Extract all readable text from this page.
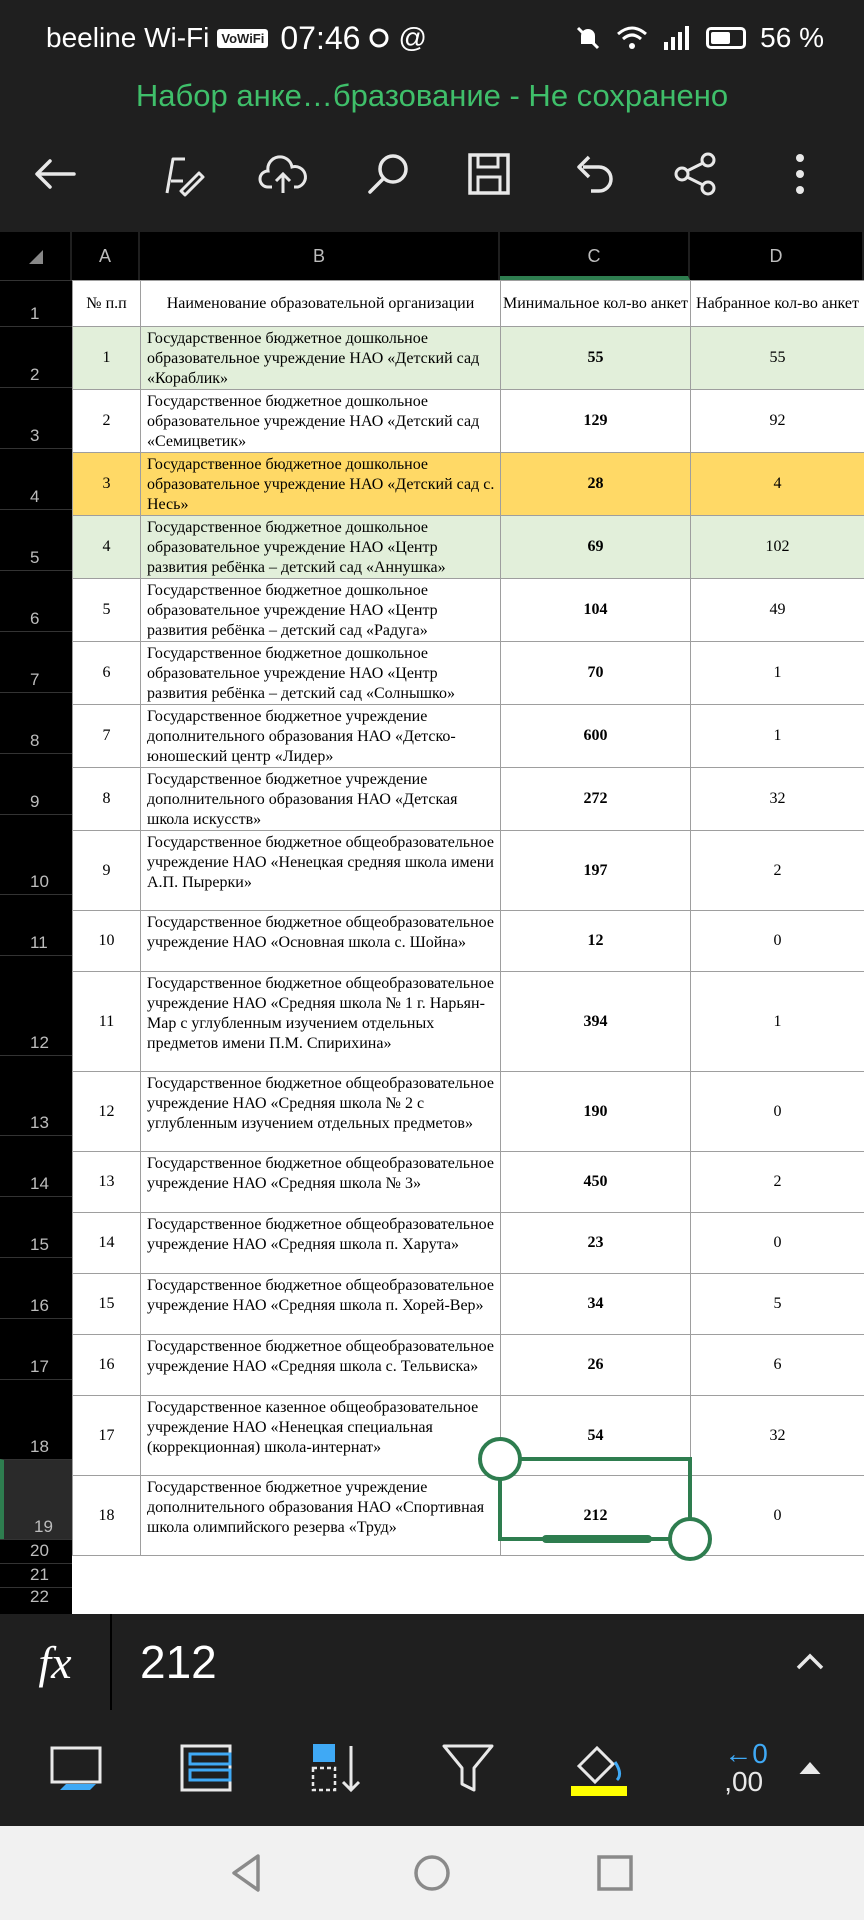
beeline Wi-Fi VoWiFi 07:46 @	56 %
Набор анке…бразование - Не сохранено
A	B	C	D
1
2
3
4
5
6
7
8
9
10
11
12
13
14
15
16
17
18
19
20
21
22
№ п.п	Наименование образовательной организации	Минимальное кол-во анкет	Набранное кол-во анкет
1	Государственное бюджетное дошкольное образовательное учреждение НАО «Детский сад «Кораблик»	55	55
2	Государственное бюджетное дошкольное образовательное учреждение НАО «Детский сад «Семицветик»	129	92
3	Государственное бюджетное дошкольное образовательное учреждение НАО «Детский сад с. Несь»	28	4
4	Государственное бюджетное дошкольное образовательное учреждение НАО «Центр развития ребёнка – детский сад «Аннушка»	69	102
5	Государственное бюджетное дошкольное образовательное учреждение НАО «Центр развития ребёнка – детский сад «Радуга»	104	49
6	Государственное бюджетное дошкольное образовательное учреждение НАО «Центр развития ребёнка – детский сад «Солнышко»	70	1
7	Государственное бюджетное учреждение дополнительного образования НАО «Детско-юношеский центр «Лидер»	600	1
8	Государственное бюджетное учреждение дополнительного образования НАО «Детская школа искусств»	272	32
9	Государственное бюджетное общеобразовательное учреждение НАО «Ненецкая средняя школа имени А.П. Пырерки»	197	2
10	Государственное бюджетное общеобразовательное учреждение НАО «Основная школа с. Шойна»	12	0
11	Государственное бюджетное общеобразовательное учреждение НАО «Средняя школа № 1 г. Нарьян-Мар с углубленным изучением отдельных предметов имени П.М. Спирихина»	394	1
12	Государственное бюджетное общеобразовательное учреждение НАО «Средняя школа № 2 с углубленным изучением отдельных предметов»	190	0
13	Государственное бюджетное общеобразовательное учреждение НАО «Средняя школа № 3»	450	2
14	Государственное бюджетное общеобразовательное учреждение НАО «Средняя школа п. Харута»	23	0
15	Государственное бюджетное общеобразовательное учреждение НАО «Средняя школа п. Хорей-Вер»	34	5
16	Государственное бюджетное общеобразовательное учреждение НАО «Средняя школа с. Тельвиска»	26	6
17	Государственное казенное общеобразовательное учреждение НАО «Ненецкая специальная (коррекционная) школа-интернат»	54	32
18	Государственное бюджетное учреждение дополнительного образования НАО «Спортивная школа олимпийского резерва «Труд»	212	0

fx	212
←0
,00
